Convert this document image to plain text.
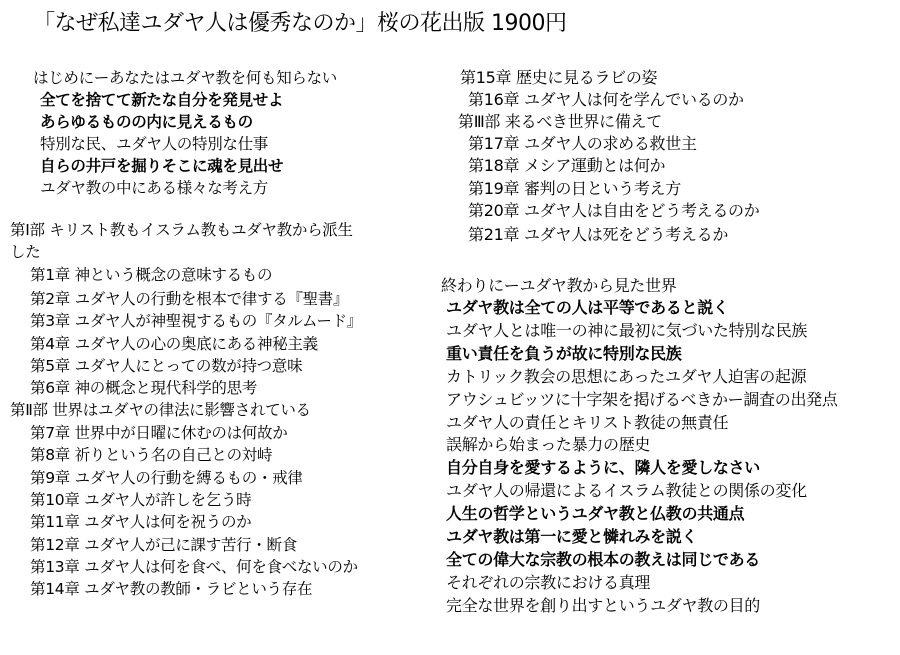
「なぜ私達ユダヤ人は優秀なのか」桜の花出版 1900円
はじめにーあなたはユダヤ教を何も知らない
全てを捨てて新たな自分を発見せよ
あらゆるものの内に見えるもの
特別な民、ユダヤ人の特別な仕事
自らの井戸を掘りそこに魂を見出せ
ユダヤ教の中にある様々な考え方
第Ⅰ部 キリスト教もイスラム教もユダヤ教から派生
した
第1章 神という概念の意味するもの
第2章 ユダヤ人の行動を根本で律する『聖書』
第3章 ユダヤ人が神聖視するもの『タルムード』
第4章 ユダヤ人の心の奥底にある神秘主義
第5章 ユダヤ人にとっての数が持つ意味
第6章 神の概念と現代科学的思考
第Ⅱ部 世界はユダヤの律法に影響されている
第7章 世界中が日曜に休むのは何故か
第8章 祈りという名の自己との対峙
第9章 ユダヤ人の行動を縛るもの・戒律
第10章 ユダヤ人が許しを乞う時
第11章 ユダヤ人は何を祝うのか
第12章 ユダヤ人が己に課す苦行・断食
第13章 ユダヤ人は何を食べ、何を食べないのか
第14章 ユダヤ教の教師・ラビという存在
第15章 歴史に見るラビの姿
第16章 ユダヤ人は何を学んでいるのか
第Ⅲ部 来るべき世界に備えて
第17章 ユダヤ人の求める救世主
第18章 メシア運動とは何か
第19章 審判の日という考え方
第20章 ユダヤ人は自由をどう考えるのか
第21章 ユダヤ人は死をどう考えるか
終わりにーユダヤ教から見た世界
ユダヤ教は全ての人は平等であると説く
ユダヤ人とは唯一の神に最初に気づいた特別な民族
重い責任を負うが故に特別な民族
カトリック教会の思想にあったユダヤ人迫害の起源
アウシュビッツに十字架を掲げるべきかー調査の出発点
ユダヤ人の責任とキリスト教徒の無責任
誤解から始まった暴力の歴史
自分自身を愛するように、隣人を愛しなさい
ユダヤ人の帰還によるイスラム教徒との関係の変化
人生の哲学というユダヤ教と仏教の共通点
ユダヤ教は第一に愛と憐れみを説く
全ての偉大な宗教の根本の教えは同じである
それぞれの宗教における真理
完全な世界を創り出すというユダヤ教の目的
